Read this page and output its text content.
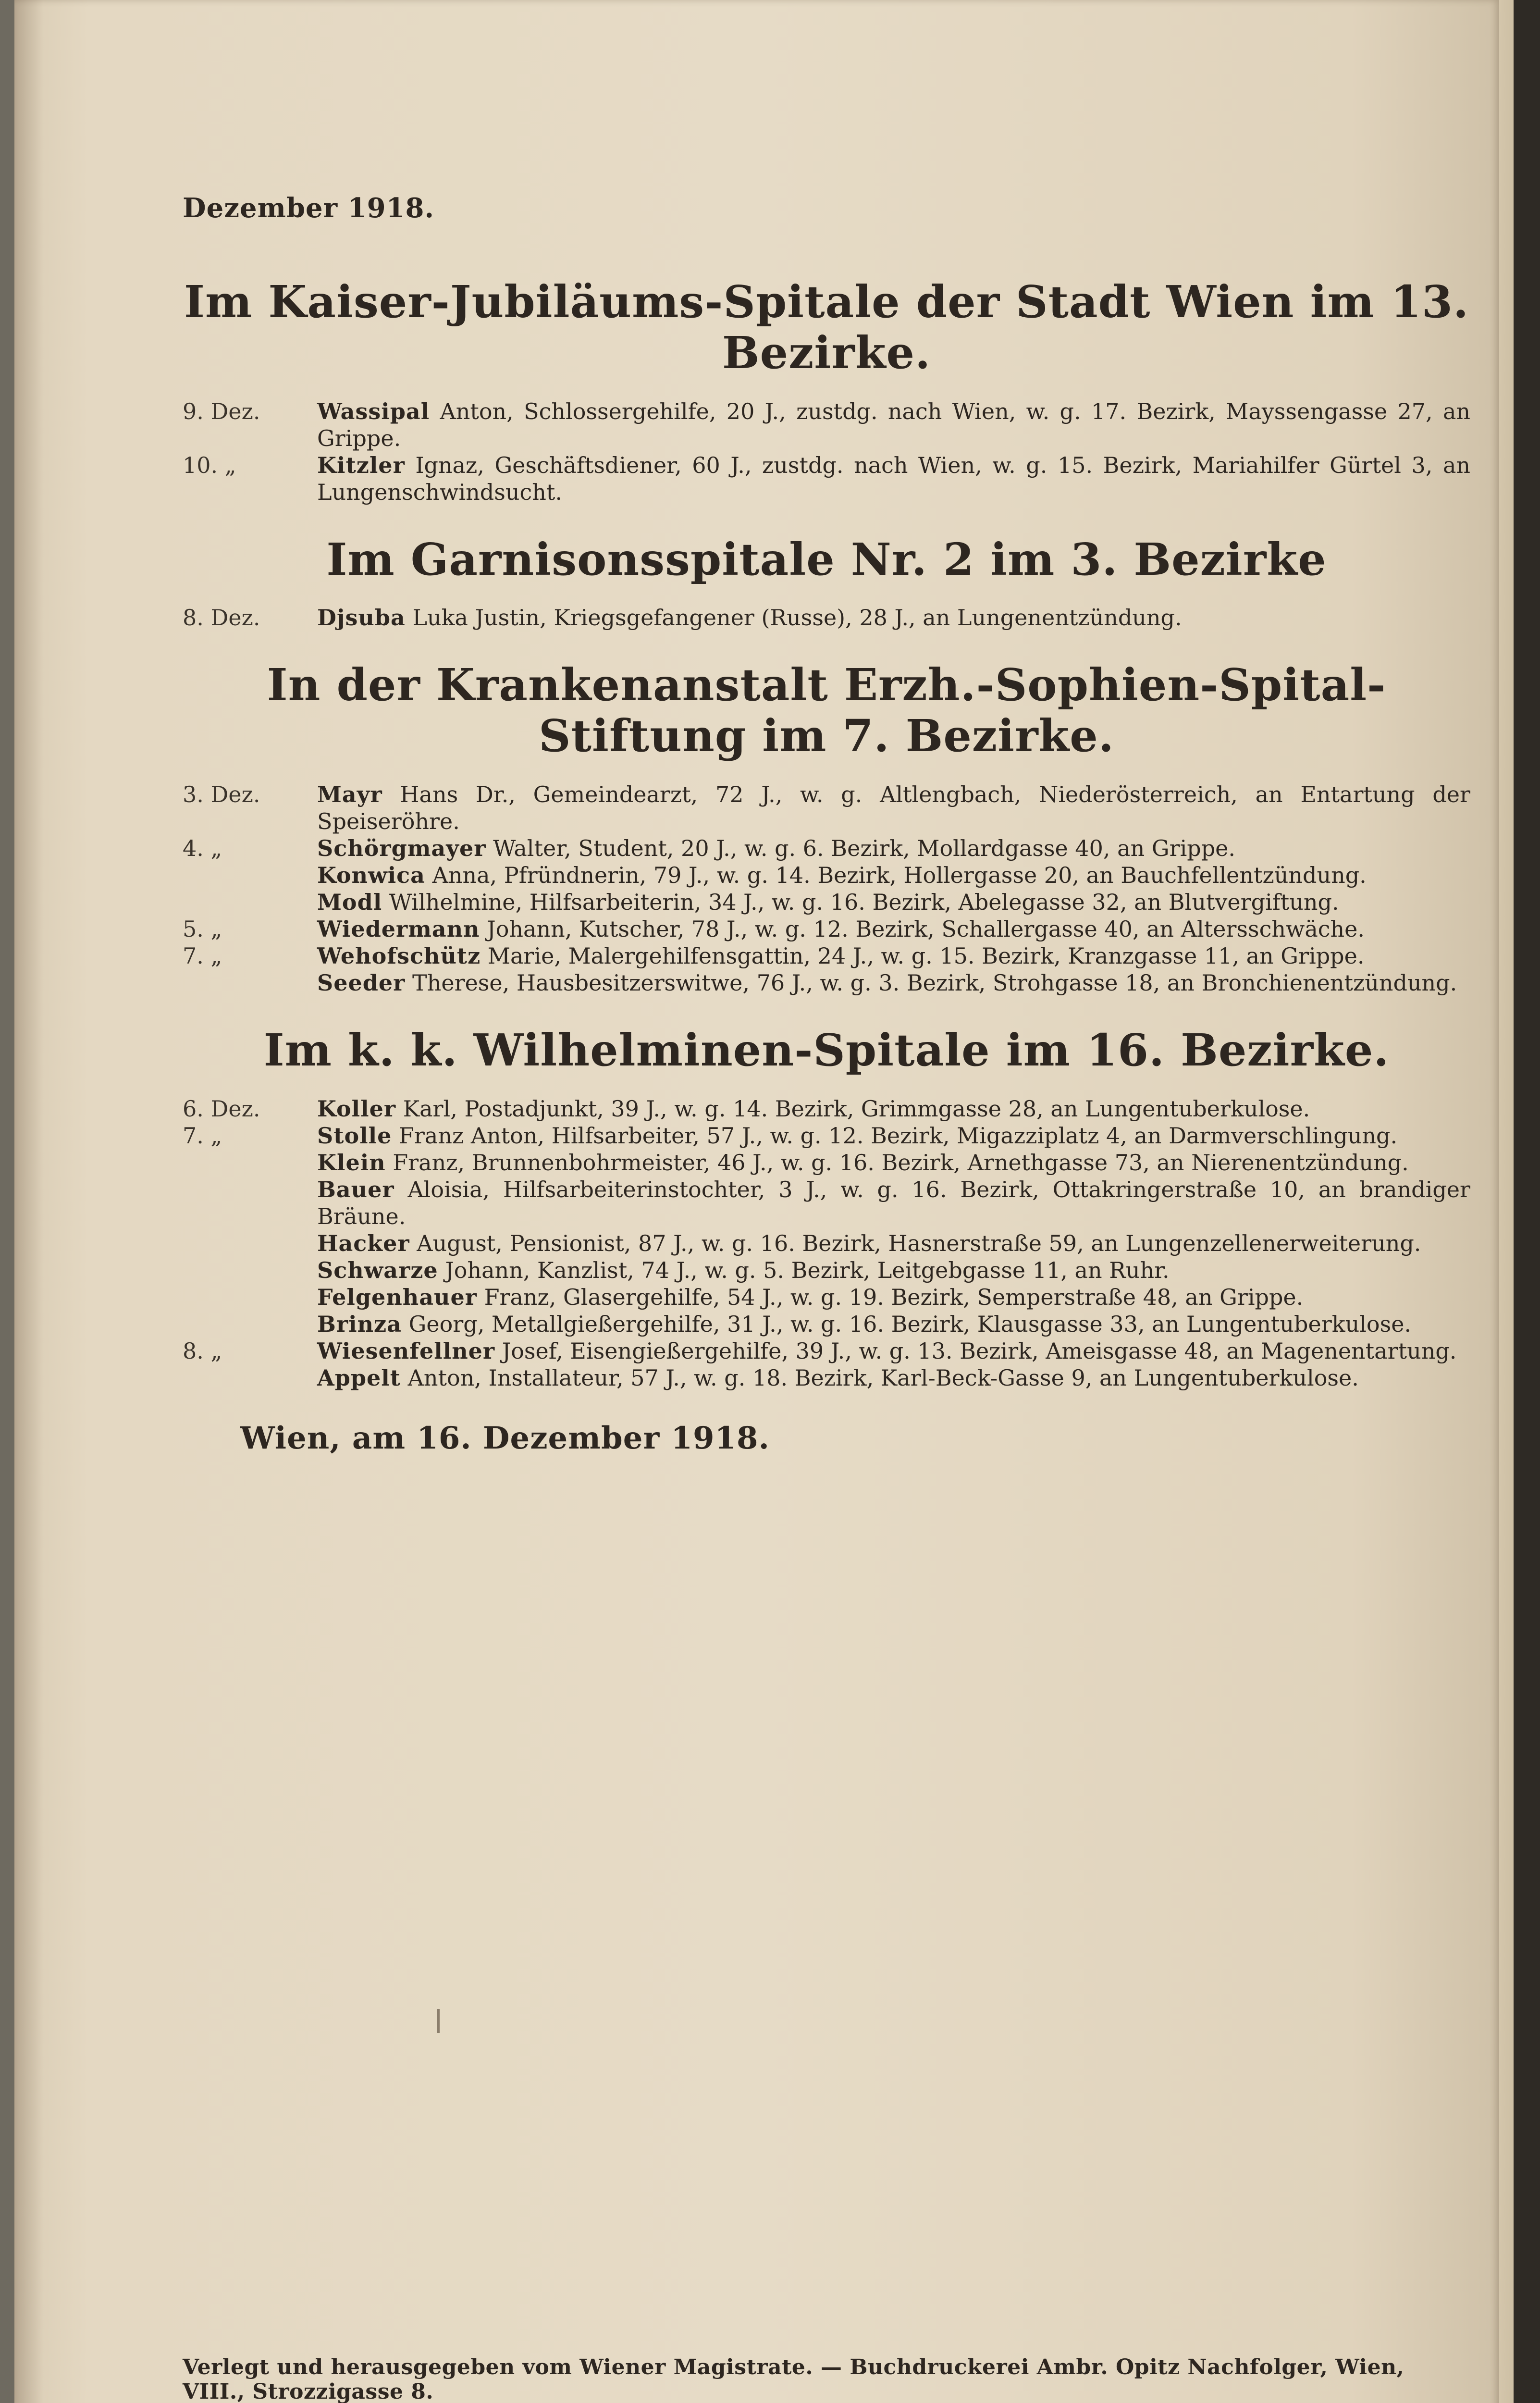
Dezember 1918.
Im Kaiser-Jubiläums-Spitale der Stadt Wien im 13. Bezirke.
9. Dez.	Wassipal Anton, Schlossergehilfe, 20 J., zustdg. nach Wien, w. g. 17. Bezirk, Mayssengasse 27, an Grippe.
10. „	Kitzler Ignaz, Geschäftsdiener, 60 J., zustdg. nach Wien, w. g. 15. Bezirk, Mariahilfer Gürtel 3, an Lungenschwindsucht.
Im Garnisonsspitale Nr. 2 im 3. Bezirke
8. Dez.	Djsuba Luka Justin, Kriegsgefangener (Russe), 28 J., an Lungenentzündung.
In der Krankenanstalt Erzh.-Sophien-Spital-Stiftung im 7. Bezirke.
3. Dez.	Mayr Hans Dr., Gemeindearzt, 72 J., w. g. Altlengbach, Niederösterreich, an Entartung der Speiseröhre.
4. „	Schörgmayer Walter, Student, 20 J., w. g. 6. Bezirk, Mollardgasse 40, an Grippe.
Konwica Anna, Pfründnerin, 79 J., w. g. 14. Bezirk, Hollergasse 20, an Bauchfellentzündung.
Modl Wilhelmine, Hilfsarbeiterin, 34 J., w. g. 16. Bezirk, Abelegasse 32, an Blutvergiftung.
5. „	Wiedermann Johann, Kutscher, 78 J., w. g. 12. Bezirk, Schallergasse 40, an Altersschwäche.
7. „	Wehofschütz Marie, Malergehilfensgattin, 24 J., w. g. 15. Bezirk, Kranzgasse 11, an Grippe.
Seeder Therese, Hausbesitzerswitwe, 76 J., w. g. 3. Bezirk, Strohgasse 18, an Bronchienentzündung.
Im k. k. Wilhelminen-Spitale im 16. Bezirke.
6. Dez.	Koller Karl, Postadjunkt, 39 J., w. g. 14. Bezirk, Grimmgasse 28, an Lungentuberkulose.
7. „	Stolle Franz Anton, Hilfsarbeiter, 57 J., w. g. 12. Bezirk, Migazziplatz 4, an Darmverschlingung.
Klein Franz, Brunnenbohrmeister, 46 J., w. g. 16. Bezirk, Arnethgasse 73, an Nierenentzündung.
Bauer Aloisia, Hilfsarbeiterinstochter, 3 J., w. g. 16. Bezirk, Ottakringerstraße 10, an brandiger Bräune.
Hacker August, Pensionist, 87 J., w. g. 16. Bezirk, Hasnerstraße 59, an Lungenzellenerweiterung.
Schwarze Johann, Kanzlist, 74 J., w. g. 5. Bezirk, Leitgebgasse 11, an Ruhr.
Felgenhauer Franz, Glasergehilfe, 54 J., w. g. 19. Bezirk, Semperstraße 48, an Grippe.
Brinza Georg, Metallgießergehilfe, 31 J., w. g. 16. Bezirk, Klausgasse 33, an Lungentuberkulose.
8. „	Wiesenfellner Josef, Eisengießergehilfe, 39 J., w. g. 13. Bezirk, Ameisgasse 48, an Magenentartung.
Appelt Anton, Installateur, 57 J., w. g. 18. Bezirk, Karl-Beck-Gasse 9, an Lungentuberkulose.
Wien, am 16. Dezember 1918.
Verlegt und herausgegeben vom Wiener Magistrate. — Buchdruckerei Ambr. Opitz Nachfolger, Wien, VIII., Strozzigasse 8.
